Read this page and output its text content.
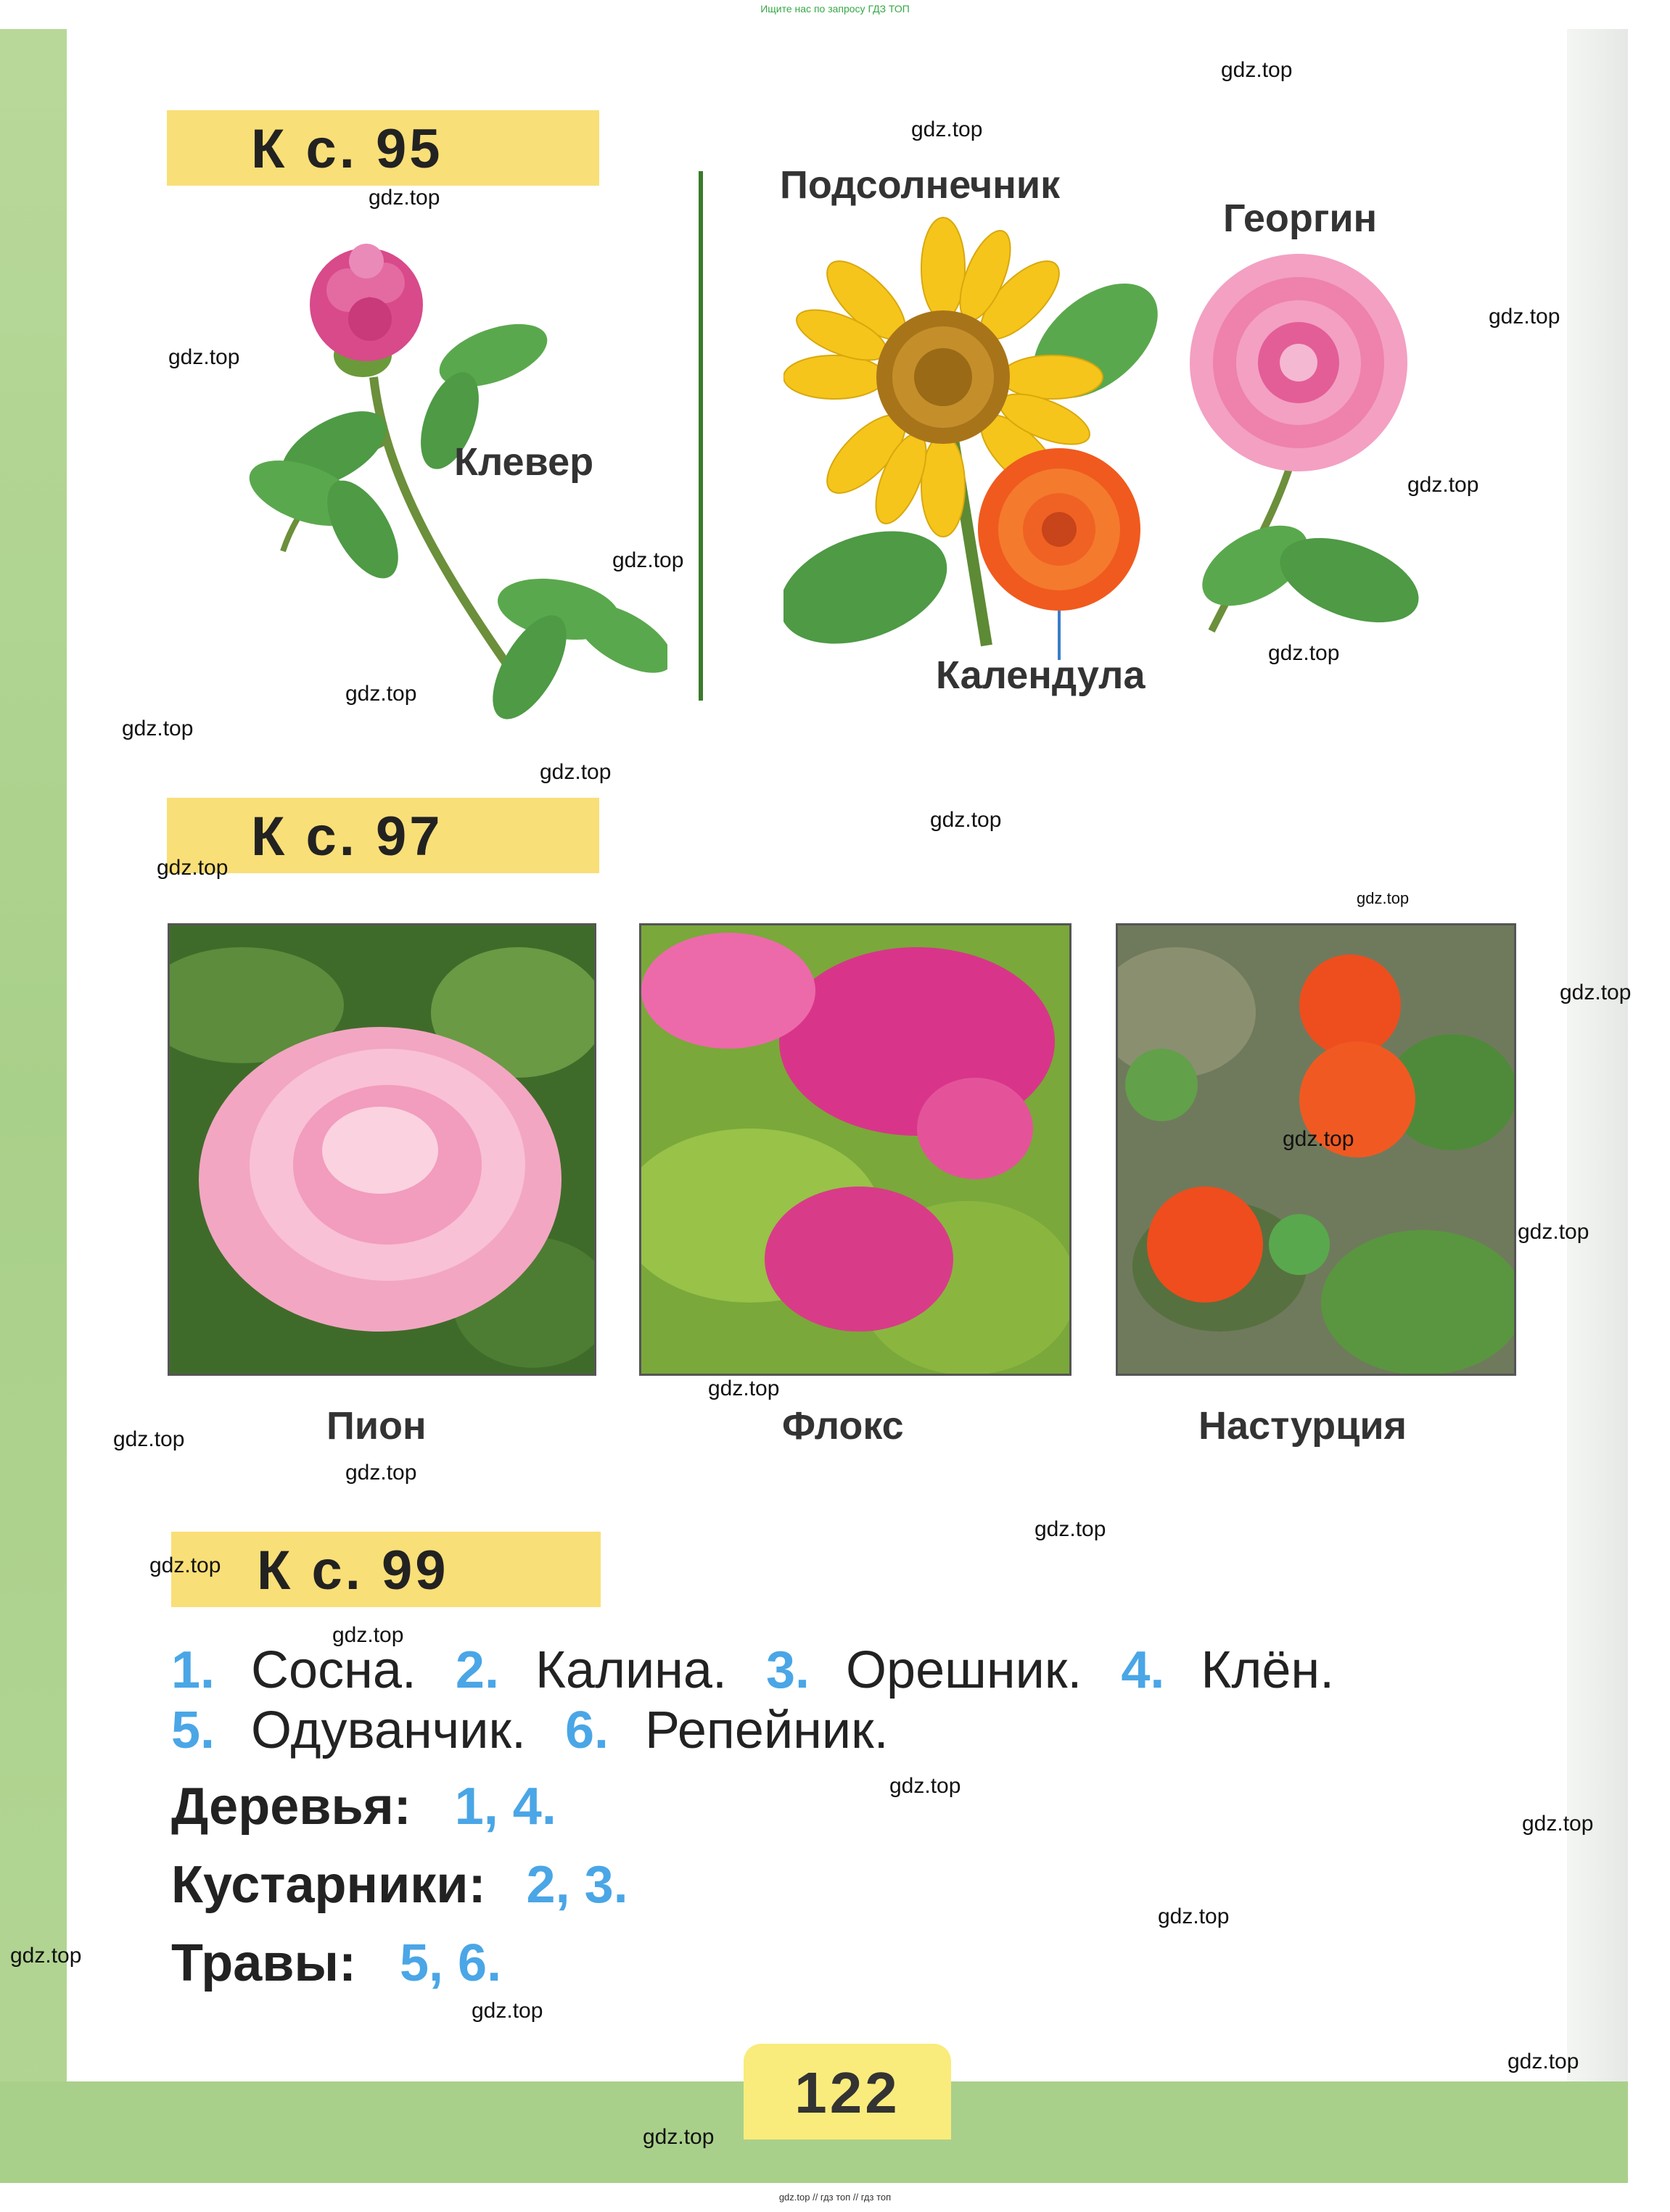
Ищите нас по запросу ГДЗ ТОП
К с. 95
Клевер
Подсолнечник
Георгин
Календула
К с. 97
Пион	Флокс	Настурция
К с. 99
1. Сосна. 2. Калина. 3. Орешник. 4. Клён.
5. Одуванчик. 6. Репейник.
Деревья: 1, 4.
Кустарники: 2, 3.
Травы: 5, 6.
122
gdz.top
gdz.top
gdz.top
gdz.top
gdz.top
gdz.top
gdz.top
gdz.top
gdz.top
gdz.top
gdz.top
gdz.top
gdz.top
gdz.top
gdz.top
gdz.top
gdz.top
gdz.top
gdz.top
gdz.top
gdz.top
gdz.top
gdz.top
gdz.top
gdz.top
gdz.top
gdz.top
gdz.top
gdz.top
gdz.top
gdz.top // гдз топ // гдз топ
